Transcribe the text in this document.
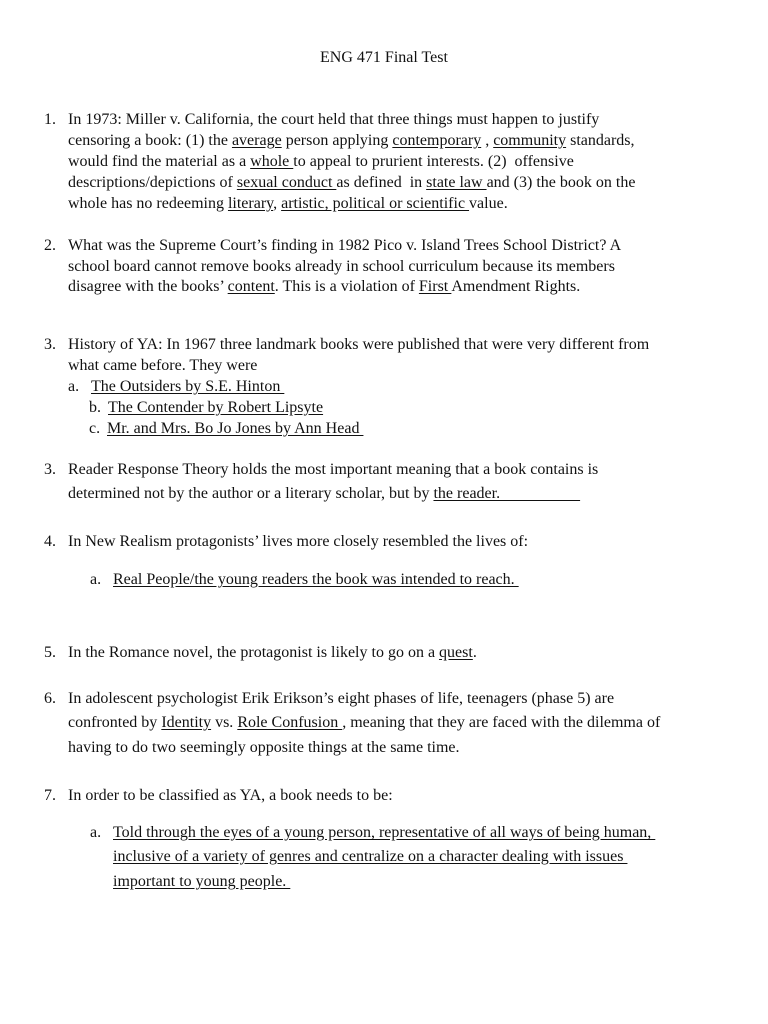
ENG 471 Final Test
1. In 1973: Miller v. California, the court held that three things must happen to justify
censoring a book: (1) the average person applying contemporary , community standards,
would find the material as a whole to appeal to prurient interests. (2)  offensive
descriptions/depictions of sexual conduct as defined  in state law and (3) the book on the
whole has no redeeming literary, artistic, political or scientific value.
2. What was the Supreme Court’s finding in 1982 Pico v. Island Trees School District? A
school board cannot remove books already in school curriculum because its members
disagree with the books’ content. This is a violation of First Amendment Rights.
3. History of YA: In 1967 three landmark books were published that were very different from
what came before. They were
a. The Outsiders by S.E. Hinton
b. The Contender by Robert Lipsyte
c. Mr. and Mrs. Bo Jo Jones by Ann Head
3. Reader Response Theory holds the most important meaning that a book contains is
determined not by the author or a literary scholar, but by the reader.
4. In New Realism protagonists’ lives more closely resembled the lives of:
a. Real People/the young readers the book was intended to reach.
5. In the Romance novel, the protagonist is likely to go on a quest.
6. In adolescent psychologist Erik Erikson’s eight phases of life, teenagers (phase 5) are
confronted by Identity vs. Role Confusion , meaning that they are faced with the dilemma of
having to do two seemingly opposite things at the same time.
7. In order to be classified as YA, a book needs to be:
a. Told through the eyes of a young person, representative of all ways of being human,
inclusive of a variety of genres and centralize on a character dealing with issues
important to young people.
